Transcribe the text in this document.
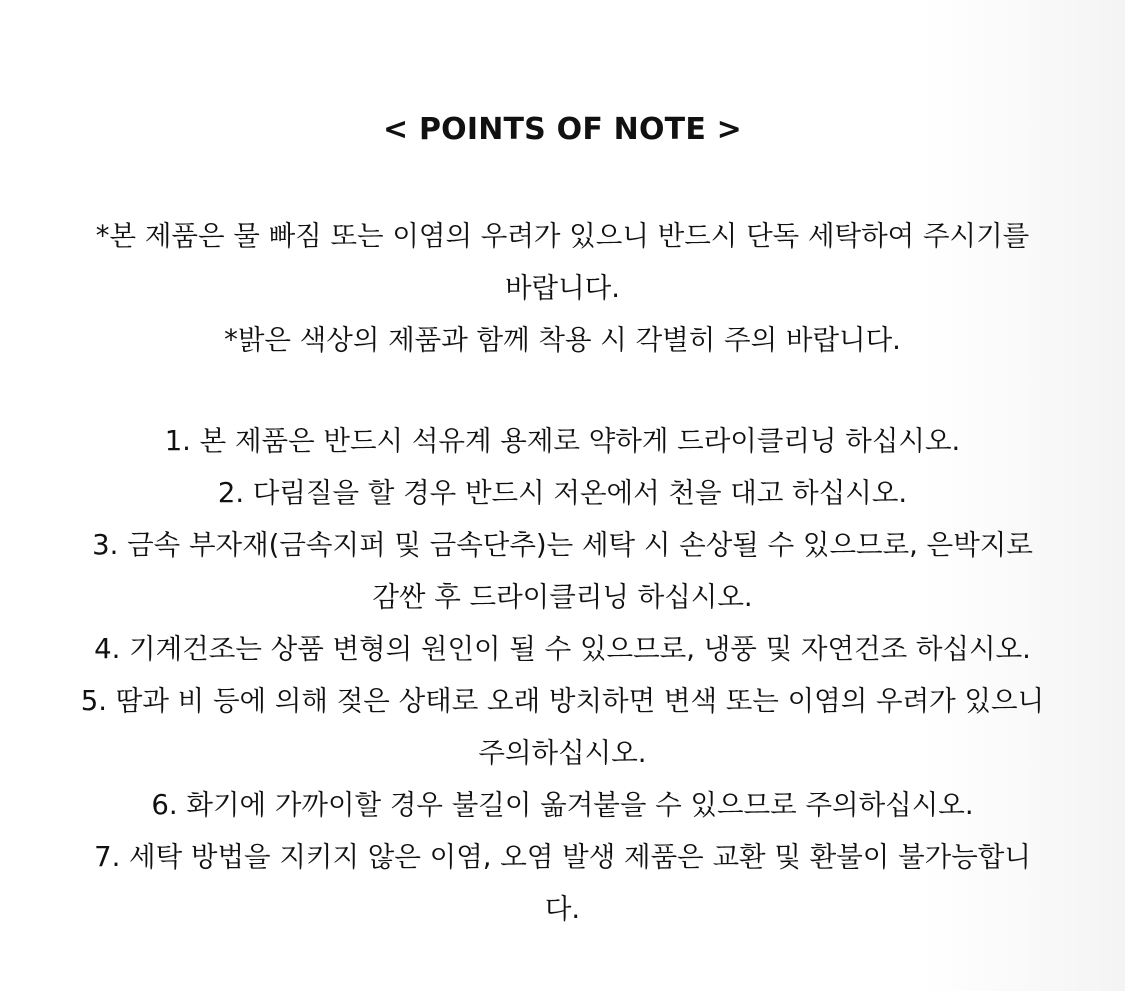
< POINTS OF NOTE >
*본 제품은 물 빠짐 또는 이염의 우려가 있으니 반드시 단독 세탁하여 주시기를
바랍니다.
*밝은 색상의 제품과 함께 착용 시 각별히 주의 바랍니다.
1. 본 제품은 반드시 석유계 용제로 약하게 드라이클리닝 하십시오.
2. 다림질을 할 경우 반드시 저온에서 천을 대고 하십시오.
3. 금속 부자재(금속지퍼 및 금속단추)는 세탁 시 손상될 수 있으므로, 은박지로
감싼 후 드라이클리닝 하십시오.
4. 기계건조는 상품 변형의 원인이 될 수 있으므로, 냉풍 및 자연건조 하십시오.
5. 땀과 비 등에 의해 젖은 상태로 오래 방치하면 변색 또는 이염의 우려가 있으니
주의하십시오.
6. 화기에 가까이할 경우 불길이 옮겨붙을 수 있으므로 주의하십시오.
7. 세탁 방법을 지키지 않은 이염, 오염 발생 제품은 교환 및 환불이 불가능합니
다.
